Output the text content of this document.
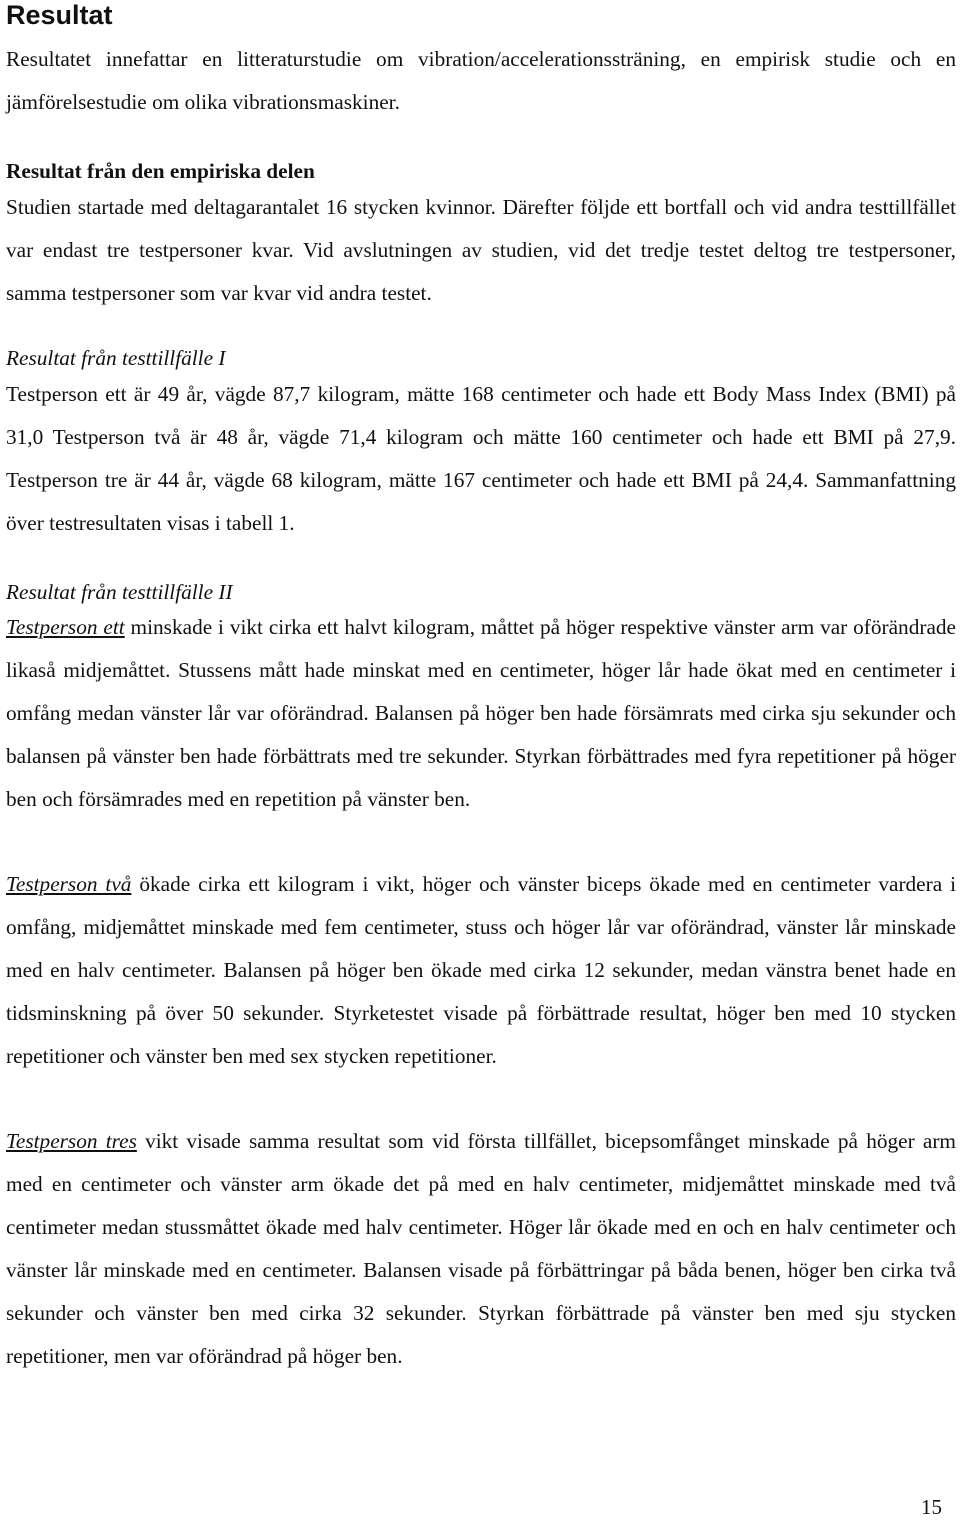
Resultat

Resultatet innefattar en litteraturstudie om vibration/accelerationssträning, en empirisk studie och en jämförelsestudie om olika vibrationsmaskiner.

Resultat från den empiriska delen

Studien startade med deltagarantalet 16 stycken kvinnor. Därefter följde ett bortfall och vid andra testtillfället var endast tre testpersoner kvar. Vid avslutningen av studien, vid det tredje testet deltog tre testpersoner, samma testpersoner som var kvar vid andra testet.

Resultat från testtillfälle I

Testperson ett är 49 år, vägde 87,7 kilogram, mätte 168 centimeter och hade ett Body Mass Index (BMI) på 31,0 Testperson två är 48 år, vägde 71,4 kilogram och mätte 160 centimeter och hade ett BMI på 27,9. Testperson tre är 44 år, vägde 68 kilogram, mätte 167 centimeter och hade ett BMI på 24,4. Sammanfattning över testresultaten visas i tabell 1.

Resultat från testtillfälle II

Testperson ett minskade i vikt cirka ett halvt kilogram, måttet på höger respektive vänster arm var oförändrade likaså midjemåttet. Stussens mått hade minskat med en centimeter, höger lår hade ökat med en centimeter i omfång medan vänster lår var oförändrad. Balansen på höger ben hade försämrats med cirka sju sekunder och balansen på vänster ben hade förbättrats med tre sekunder. Styrkan förbättrades med fyra repetitioner på höger ben och försämrades med en repetition på vänster ben.

Testperson två ökade cirka ett kilogram i vikt, höger och vänster biceps ökade med en centimeter vardera i omfång, midjemåttet minskade med fem centimeter, stuss och höger lår var oförändrad, vänster lår minskade med en halv centimeter. Balansen på höger ben ökade med cirka 12 sekunder, medan vänstra benet hade en tidsminskning på över 50 sekunder. Styrketestet visade på förbättrade resultat, höger ben med 10 stycken repetitioner och vänster ben med sex stycken repetitioner.

Testperson tres vikt visade samma resultat som vid första tillfället, bicepsomfånget minskade på höger arm med en centimeter och vänster arm ökade det på med en halv centimeter, midjemåttet minskade med två centimeter medan stussmåttet ökade med halv centimeter. Höger lår ökade med en och en halv centimeter och vänster lår minskade med en centimeter. Balansen visade på förbättringar på båda benen, höger ben cirka två sekunder och vänster ben med cirka 32 sekunder. Styrkan förbättrade på vänster ben med sju stycken repetitioner, men var oförändrad på höger ben.

15
